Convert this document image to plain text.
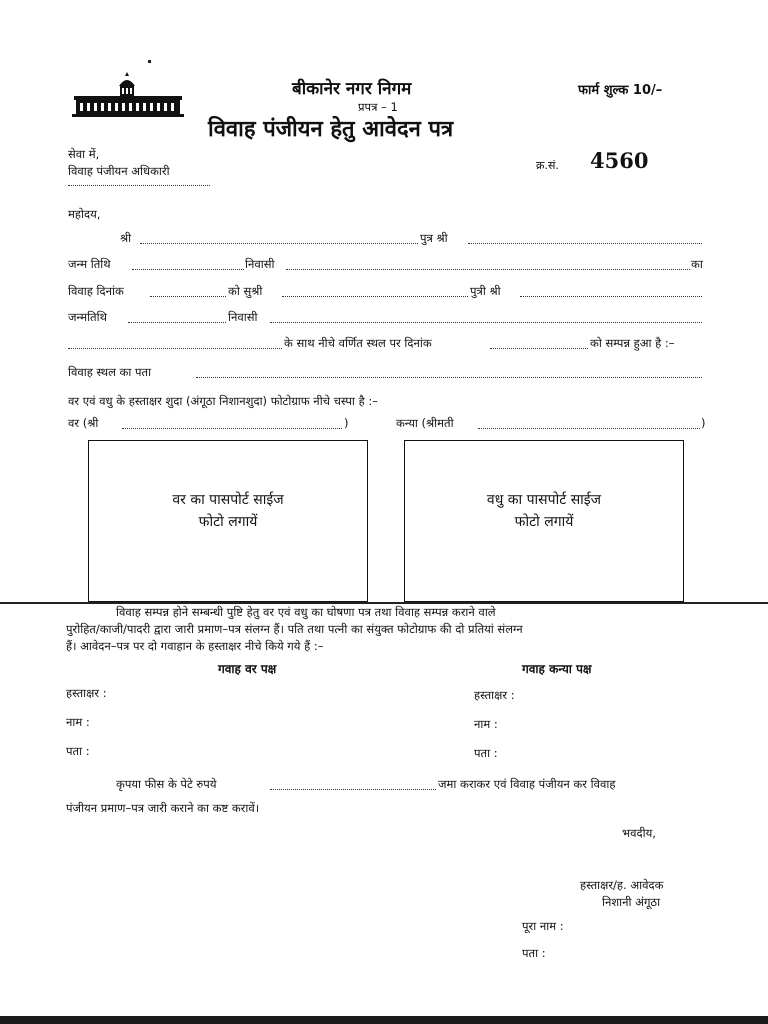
बीकानेर नगर निगम	फार्म शुल्क 10/–
प्रपत्र – 1
विवाह पंजीयन हेतु आवेदन पत्र
सेवा में,
विवाह पंजीयन अधिकारी	क्र.सं. 4560
महोदय,
श्री	पुत्र श्री
जन्म तिथि	निवासी	का
विवाह दिनांक	को सुश्री	पुत्री श्री
जन्मतिथि	निवासी
के साथ नीचे वर्णित स्थल पर दिनांक	को सम्पन्न हुआ है :–
विवाह स्थल का पता
वर एवं वधु के हस्ताक्षर शुदा (अंगूठा निशानशुदा) फोटोग्राफ नीचे चस्पा है :–
वर (श्री	)	कन्या (श्रीमती	)
वर का पासपोर्ट साईज
फोटो लगायें
वधु का पासपोर्ट साईज
फोटो लगायें
विवाह सम्पन्न होने सम्बन्धी पुष्टि हेतु वर एवं वधु का घोषणा पत्र तथा विवाह सम्पन्न कराने वाले
पुरोहित/काजी/पादरी द्वारा जारी प्रमाण–पत्र संलग्न हैं। पति तथा पत्नी का संयुक्त फोटोग्राफ की दो प्रतियां संलग्न
हैं। आवेदन–पत्र पर दो गवाहान के हस्ताक्षर नीचे किये गये हैं :–
गवाह वर पक्ष	गवाह कन्या पक्ष
हस्ताक्षर :	हस्ताक्षर :
नाम :	नाम :
पता :	पता :
कृपया फीस के पेटे रुपये	जमा कराकर एवं विवाह पंजीयन कर विवाह
पंजीयन प्रमाण–पत्र जारी कराने का कष्ट करावें।
भवदीय,
हस्ताक्षर/ह. आवेदक
निशानी अंगूठा
पूरा नाम :
पता :
